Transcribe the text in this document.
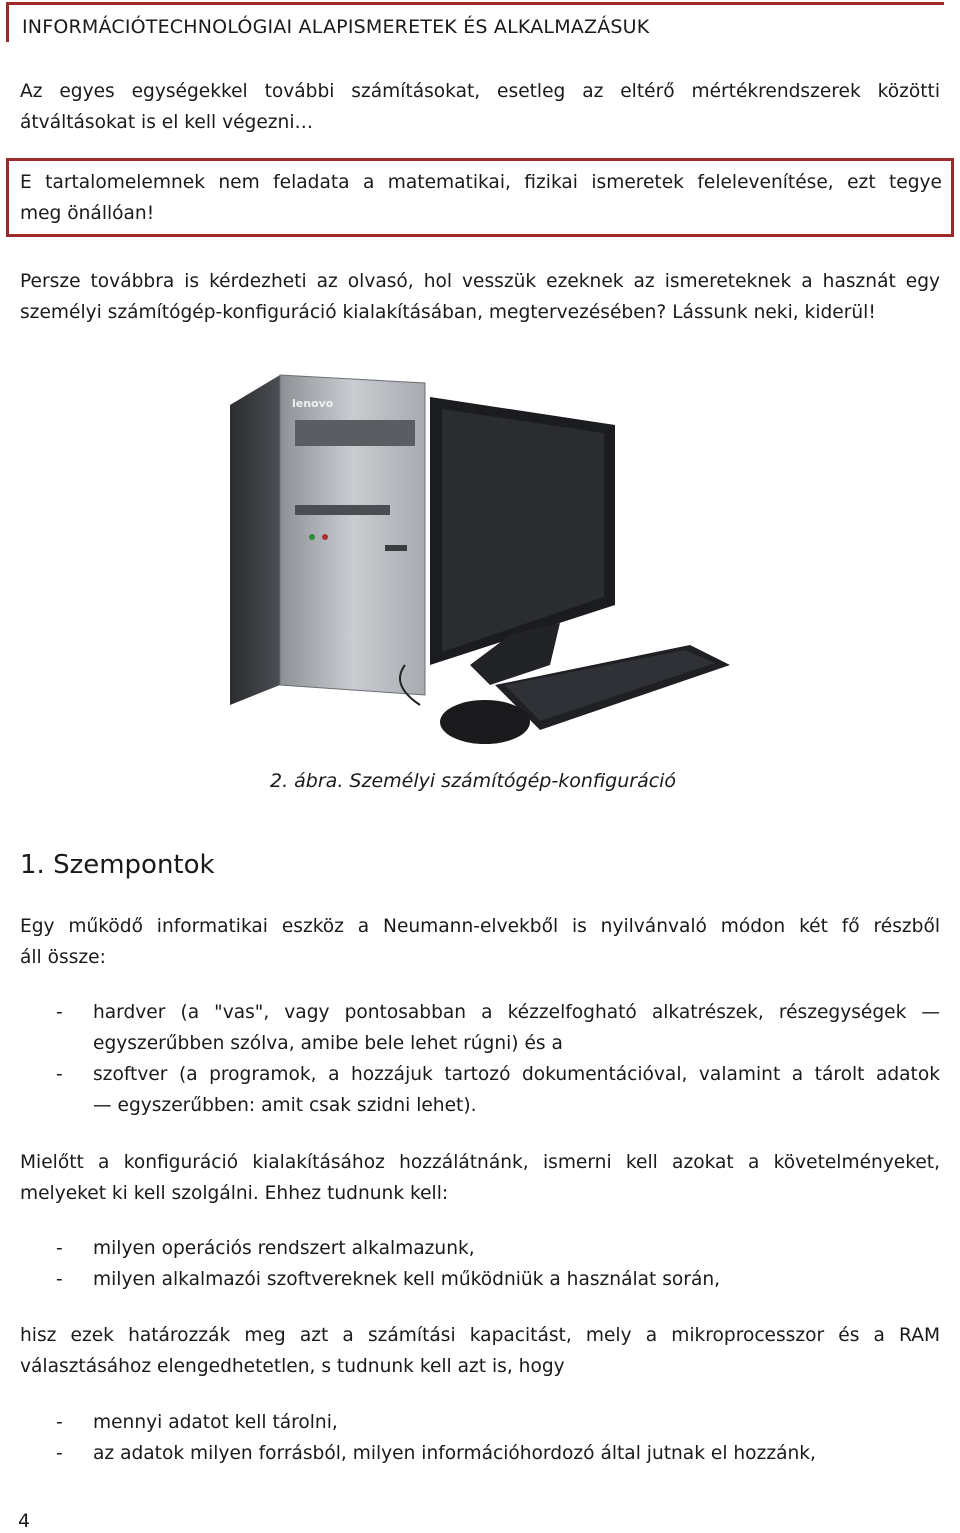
INFORMÁCIÓTECHNOLÓGIAI ALAPISMERETEK ÉS ALKALMAZÁSUK
Az egyes egységekkel további számításokat, esetleg az eltérő mértékrendszerek közötti
átváltásokat is el kell végezni…
E tartalomelemnek nem feladata a matematikai, fizikai ismeretek felelevenítése, ezt tegye
meg önállóan!
Persze továbbra is kérdezheti az olvasó, hol vesszük ezeknek az ismereteknek a hasznát egy
személyi számítógép-konfiguráció kialakításában, megtervezésében? Lássunk neki, kiderül!
lenovo
2. ábra. Személyi számítógép-konfiguráció
1. Szempontok
Egy működő informatikai eszköz a Neumann-elvekből is nyilvánvaló módon két fő részből
áll össze:
- hardver (a "vas", vagy pontosabban a kézzelfogható alkatrészek, részegységek —
egyszerűbben szólva, amibe bele lehet rúgni) és a
- szoftver (a programok, a hozzájuk tartozó dokumentációval, valamint a tárolt adatok
— egyszerűbben: amit csak szidni lehet).
Mielőtt a konfiguráció kialakításához hozzálátnánk, ismerni kell azokat a követelményeket,
melyeket ki kell szolgálni. Ehhez tudnunk kell:
- milyen operációs rendszert alkalmazunk,
- milyen alkalmazói szoftvereknek kell működniük a használat során,
hisz ezek határozzák meg azt a számítási kapacitást, mely a mikroprocesszor és a RAM
választásához elengedhetetlen, s tudnunk kell azt is, hogy
- mennyi adatot kell tárolni,
- az adatok milyen forrásból, milyen információhordozó által jutnak el hozzánk,
4
